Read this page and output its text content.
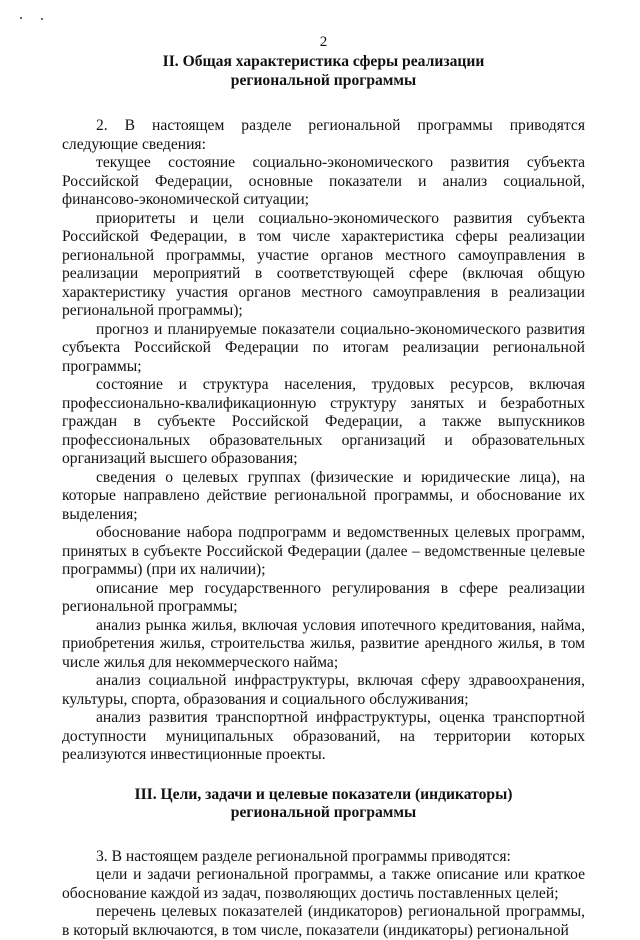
2

II. Общая характеристика сферы реализации

региональной программы

2. В настоящем разделе региональной программы приводятся следующие сведения:

текущее состояние социально-экономического развития субъекта Российской Федерации, основные показатели и анализ социальной, финансово-экономической ситуации;

приоритеты и цели социально-экономического развития субъекта Российской Федерации, в том числе характеристика сферы реализации региональной программы, участие органов местного самоуправления в реализации мероприятий в соответствующей сфере (включая общую характеристику участия органов местного самоуправления в реализации региональной программы);

прогноз и планируемые показатели социально-экономического развития субъекта Российской Федерации по итогам реализации региональной программы;

состояние и структура населения, трудовых ресурсов, включая профессионально-квалификационную структуру занятых и безработных граждан в субъекте Российской Федерации, а также выпускников профессиональных образовательных организаций и образовательных организаций высшего образования;

сведения о целевых группах (физические и юридические лица), на которые направлено действие региональной программы, и обоснование их выделения;

обоснование набора подпрограмм и ведомственных целевых программ, принятых в субъекте Российской Федерации (далее – ведомственные целевые программы) (при их наличии);

описание мер государственного регулирования в сфере реализации региональной программы;

анализ рынка жилья, включая условия ипотечного кредитования, найма, приобретения жилья, строительства жилья, развитие арендного жилья, в том числе жилья для некоммерческого найма;

анализ социальной инфраструктуры, включая сферу здравоохранения, культуры, спорта, образования и социального обслуживания;

анализ развития транспортной инфраструктуры, оценка транспортной доступности муниципальных образований, на территории которых реализуются инвестиционные проекты.

III. Цели, задачи и целевые показатели (индикаторы)

региональной программы

3. В настоящем разделе региональной программы приводятся:

цели и задачи региональной программы, а также описание или краткое обоснование каждой из задач, позволяющих достичь поставленных целей;

перечень целевых показателей (индикаторов) региональной программы, в который включаются, в том числе, показатели (индикаторы) региональной
